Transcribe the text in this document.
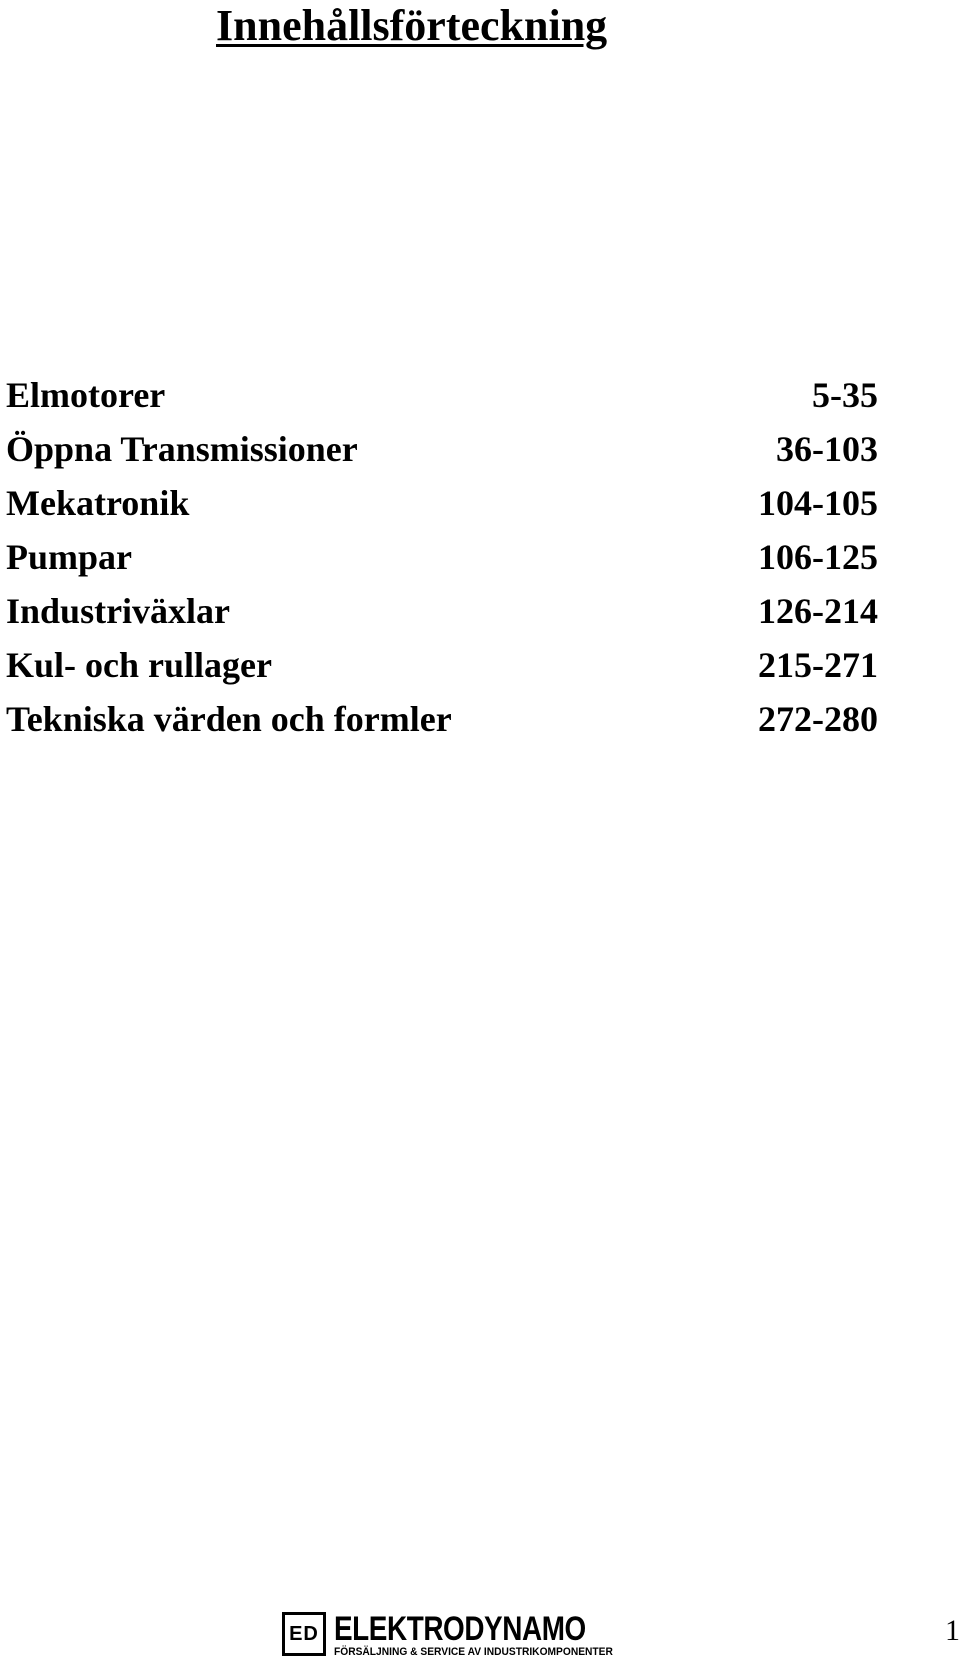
Innehållsförteckning
Elmotorer	5-35
Öppna Transmissioner	36-103
Mekatronik	104-105
Pumpar	106-125
Industriväxlar	126-214
Kul- och rullager	215-271
Tekniska värden och formler	272-280
ED ELEKTRODYNAMO
FÖRSÄLJNING & SERVICE AV INDUSTRIKOMPONENTER

1
